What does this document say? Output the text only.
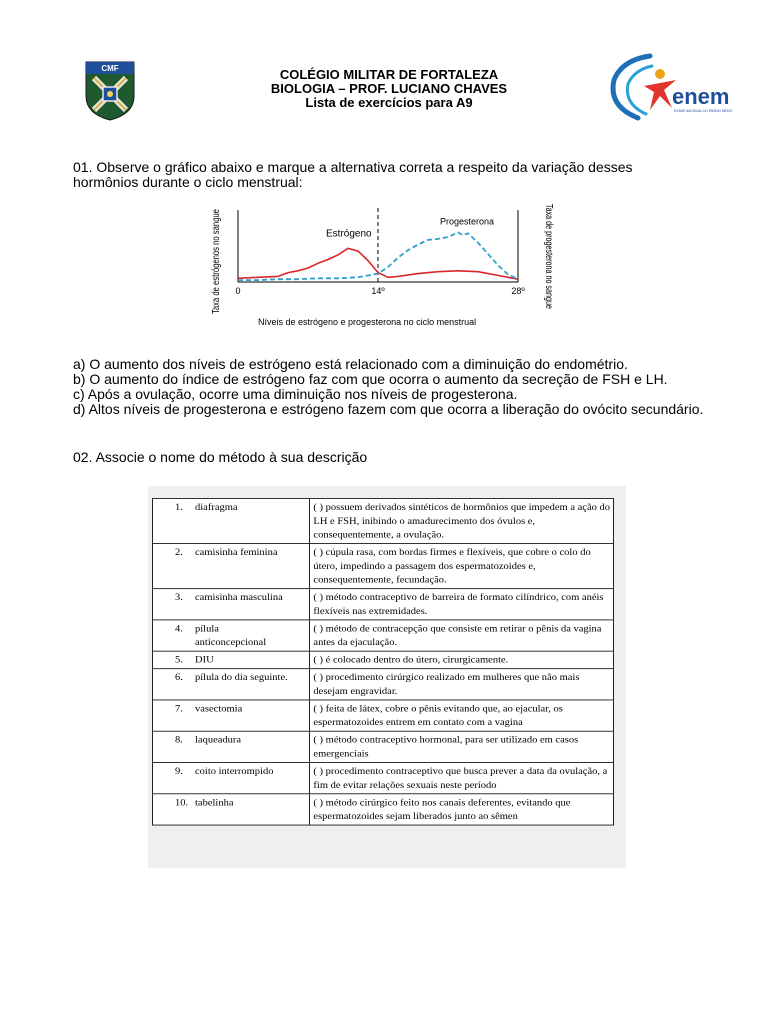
CMF	COLÉGIO MILITAR DE FORTALEZA
BIOLOGIA – PROF. LUCIANO CHAVES
Lista de exercícios para A9	enem
EXAME NACIONAL DO ENSINO MÉDIO
01. Observe o gráfico abaixo e marque a alternativa correta a respeito da variação desses hormônios durante o ciclo menstrual:
Taxa de estrógenos no sangue	Taxa de progesterona no sangue
0	14º	28º
Estrógeno
Progesterona
Níveis de estrógeno e progesterona no ciclo menstrual
a) O aumento dos níveis de estrógeno está relacionado com a diminuição do endométrio.
b) O aumento do índice de estrógeno faz com que ocorra o aumento da secreção de FSH e LH.
c) Após a ovulação, ocorre uma diminuição nos níveis de progesterona.
d) Altos níveis de progesterona e estrógeno fazem com que ocorra a liberação do ovócito secundário.
02. Associe o nome do método à sua descrição
1. diafragma	( ) possuem derivados sintéticos de hormônios que impedem a ação do LH e FSH, inibindo o amadurecimento dos óvulos e, consequentemente, a ovulação.
2. camisinha feminina	( ) cúpula rasa, com bordas firmes e flexíveis, que cobre o colo do útero, impedindo a passagem dos espermatozoides e, consequentemente, fecundação.
3. camisinha masculina	( ) método contraceptivo de barreira de formato cilíndrico, com anéis flexíveis nas extremidades.
4. pílula anticoncepcional	( ) método de contracepção que consiste em retirar o pênis da vagina antes da ejaculação.
5. DIU	( ) é colocado dentro do útero, cirurgicamente.
6. pílula do dia seguinte.	( ) procedimento cirúrgico realizado em mulheres que não mais desejam engravidar.
7. vasectomia	( ) feita de látex, cobre o pênis evitando que, ao ejacular, os espermatozoides entrem em contato com a vagina
8. laqueadura	( ) método contraceptivo hormonal, para ser utilizado em casos emergenciais
9. coito interrompido	( ) procedimento contraceptivo que busca prever a data da ovulação, a fim de evitar relações sexuais neste período
10. tabelinha	( ) método cirúrgico feito nos canais deferentes, evitando que espermatozoides sejam liberados junto ao sêmen
